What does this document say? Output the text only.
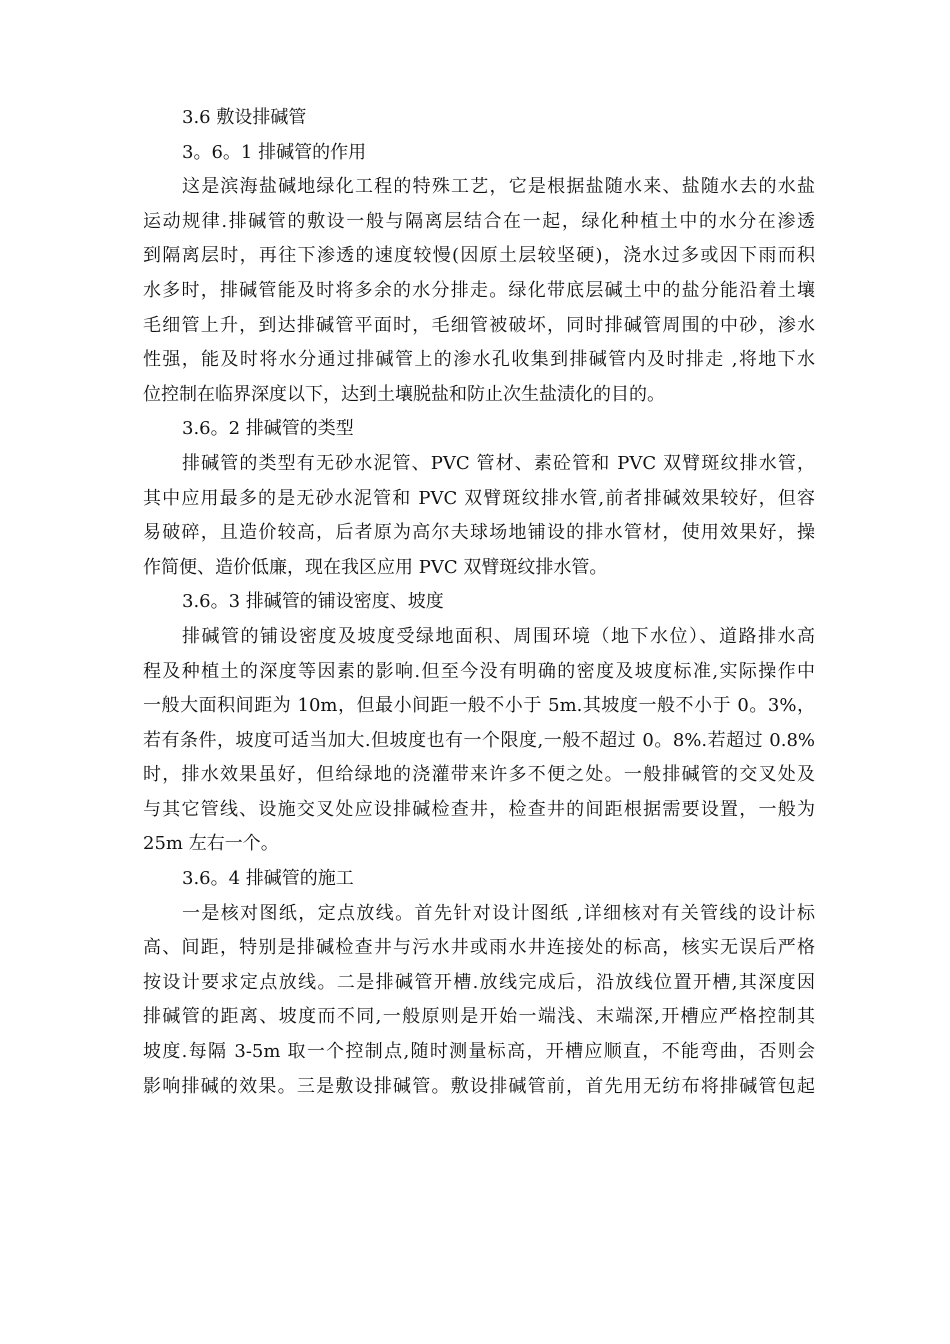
3.6 敷设排碱管
3。6。1 排碱管的作用
这是滨海盐碱地绿化工程的特殊工艺，它是根据盐随水来、盐随水去的水盐
运动规律.排碱管的敷设一般与隔离层结合在一起，绿化种植土中的水分在渗透
到隔离层时，再往下渗透的速度较慢(因原土层较坚硬)，浇水过多或因下雨而积
水多时，排碱管能及时将多余的水分排走。绿化带底层碱土中的盐分能沿着土壤
毛细管上升，到达排碱管平面时，毛细管被破坏，同时排碱管周围的中砂，渗水
性强，能及时将水分通过排碱管上的渗水孔收集到排碱管内及时排走 ,将地下水
位控制在临界深度以下，达到土壤脱盐和防止次生盐渍化的目的。
3.6。2 排碱管的类型
排碱管的类型有无砂水泥管、PVC 管材、素砼管和 PVC 双臂斑纹排水管，
其中应用最多的是无砂水泥管和 PVC 双臂斑纹排水管,前者排碱效果较好，但容
易破碎，且造价较高，后者原为高尔夫球场地铺设的排水管材，使用效果好，操
作简便、造价低廉，现在我区应用 PVC 双臂斑纹排水管。
3.6。3 排碱管的铺设密度、坡度
排碱管的铺设密度及坡度受绿地面积、周围环境（地下水位）、道路排水高
程及种植土的深度等因素的影响.但至今没有明确的密度及坡度标准,实际操作中
一般大面积间距为 10m，但最小间距一般不小于 5m.其坡度一般不小于 0。3%，
若有条件，坡度可适当加大.但坡度也有一个限度,一般不超过 0。8%.若超过 0.8%
时，排水效果虽好，但给绿地的浇灌带来许多不便之处。一般排碱管的交叉处及
与其它管线、设施交叉处应设排碱检查井，检查井的间距根据需要设置，一般为
25m 左右一个。
3.6。4 排碱管的施工
一是核对图纸，定点放线。首先针对设计图纸 ,详细核对有关管线的设计标
高、间距，特别是排碱检查井与污水井或雨水井连接处的标高，核实无误后严格
按设计要求定点放线。二是排碱管开槽.放线完成后，沿放线位置开槽,其深度因
排碱管的距离、坡度而不同,一般原则是开始一端浅、末端深,开槽应严格控制其
坡度.每隔 3-5m 取一个控制点,随时测量标高，开槽应顺直，不能弯曲，否则会
影响排碱的效果。三是敷设排碱管。敷设排碱管前，首先用无纺布将排碱管包起
